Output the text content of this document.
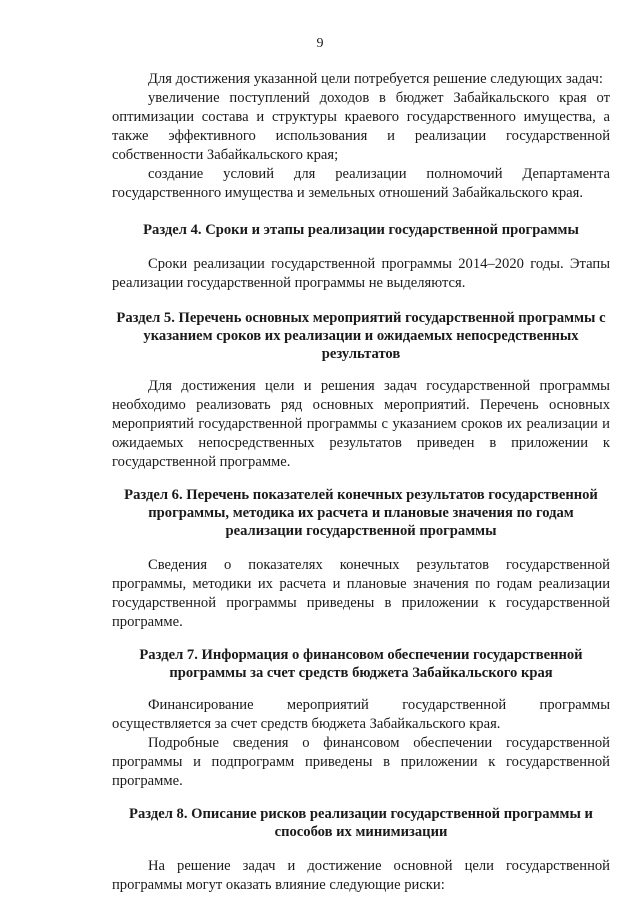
9

Для достижения указанной цели потребуется решение следующих задач:

увеличение поступлений доходов в бюджет Забайкальского края от оптимизации состава и структуры краевого государственного имущества, а также эффективного использования и реализации государственной собственности Забайкальского края;

создание условий для реализации полномочий Департамента государственного имущества и земельных отношений Забайкальского края.

Раздел 4. Сроки и этапы реализации государственной программы

Сроки реализации государственной программы 2014–2020 годы. Этапы реализации государственной программы не выделяются.

Раздел 5. Перечень основных мероприятий государственной программы с указанием сроков их реализации и ожидаемых непосредственных результатов

Для достижения цели и решения задач государственной программы необходимо реализовать ряд основных мероприятий. Перечень основных мероприятий государственной программы с указанием сроков их реализации и ожидаемых непосредственных результатов приведен в приложении к государственной программе.

Раздел 6. Перечень показателей конечных результатов государственной программы, методика их расчета и плановые значения по годам реализации государственной программы

Сведения о показателях конечных результатов государственной программы, методики их расчета и плановые значения по годам реализации государственной программы приведены в приложении к государственной программе.

Раздел 7. Информация о финансовом обеспечении государственной программы за счет средств бюджета Забайкальского края

Финансирование мероприятий государственной программы осуществляется за счет средств бюджета Забайкальского края.

Подробные сведения о финансовом обеспечении государственной программы и подпрограмм приведены в приложении к государственной программе.

Раздел 8. Описание рисков реализации государственной программы и способов их минимизации

На решение задач и достижение основной цели государственной программы могут оказать влияние следующие риски:
